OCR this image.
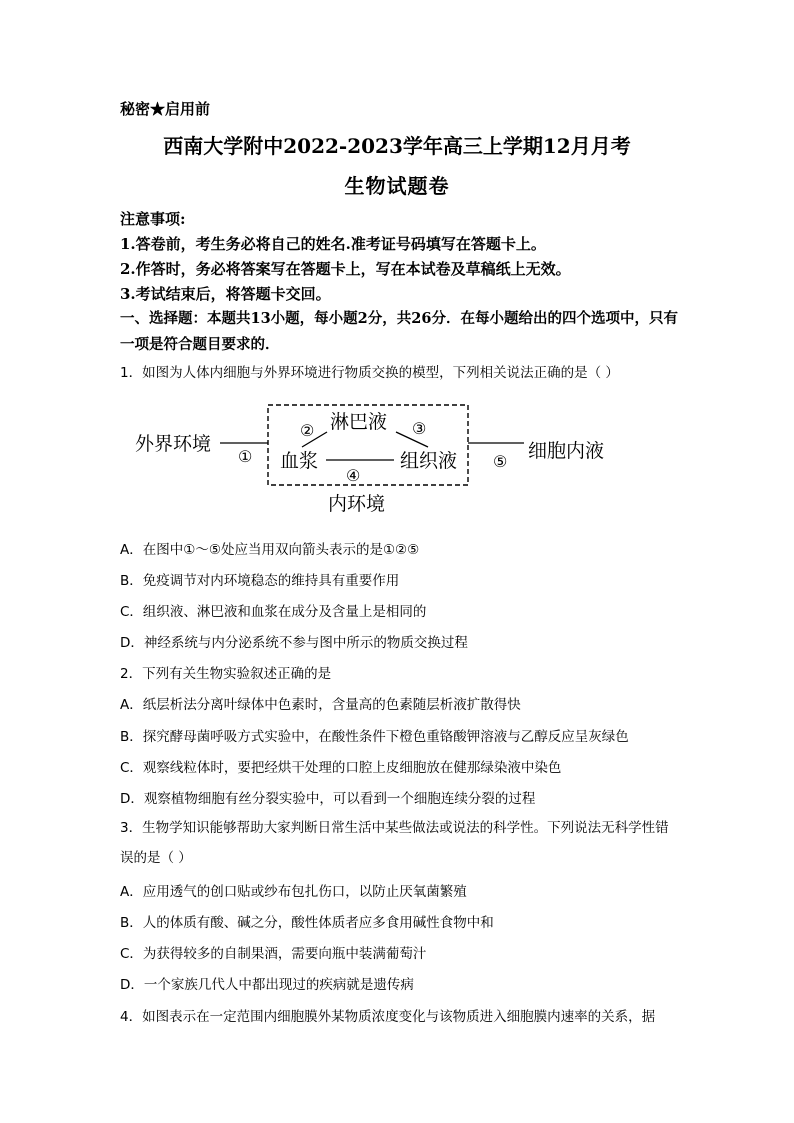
秘密★启用前
西南大学附中2022-2023学年高三上学期12月月考
生物试题卷
注意事项:
1.答卷前，考生务必将自己的姓名.准考证号码填写在答题卡上。
2.作答时，务必将答案写在答题卡上，写在本试卷及草稿纸上无效。
3.考试结束后，将答题卡交回。
一、选择题：本题共13小题，每小题2分，共26分．在每小题给出的四个选项中，只有一项是符合题目要求的．
1．如图为人体内细胞与外界环境进行物质交换的模型，下列相关说法正确的是（ ）
外界环境
①
淋巴液
②	③
血浆
④
组织液 ⑤ 细胞内液
内环境
A．在图中①～⑤处应当用双向箭头表示的是①②⑤
B．免疫调节对内环境稳态的维持具有重要作用
C．组织液、淋巴液和血浆在成分及含量上是相同的
D．神经系统与内分泌系统不参与图中所示的物质交换过程
2．下列有关生物实验叙述正确的是
A．纸层析法分离叶绿体中色素时，含量高的色素随层析液扩散得快
B．探究酵母菌呼吸方式实验中，在酸性条件下橙色重铬酸钾溶液与乙醇反应呈灰绿色
C．观察线粒体时，要把经烘干处理的口腔上皮细胞放在健那绿染液中染色
D．观察植物细胞有丝分裂实验中，可以看到一个细胞连续分裂的过程
3．生物学知识能够帮助大家判断日常生活中某些做法或说法的科学性。下列说法无科学性错误的是（ ）
A．应用透气的创口贴或纱布包扎伤口，以防止厌氧菌繁殖
B．人的体质有酸、碱之分，酸性体质者应多食用碱性食物中和
C．为获得较多的自制果酒，需要向瓶中装满葡萄汁
D．一个家族几代人中都出现过的疾病就是遗传病
4．如图表示在一定范围内细胞膜外某物质浓度变化与该物质进入细胞膜内速率的关系，据
